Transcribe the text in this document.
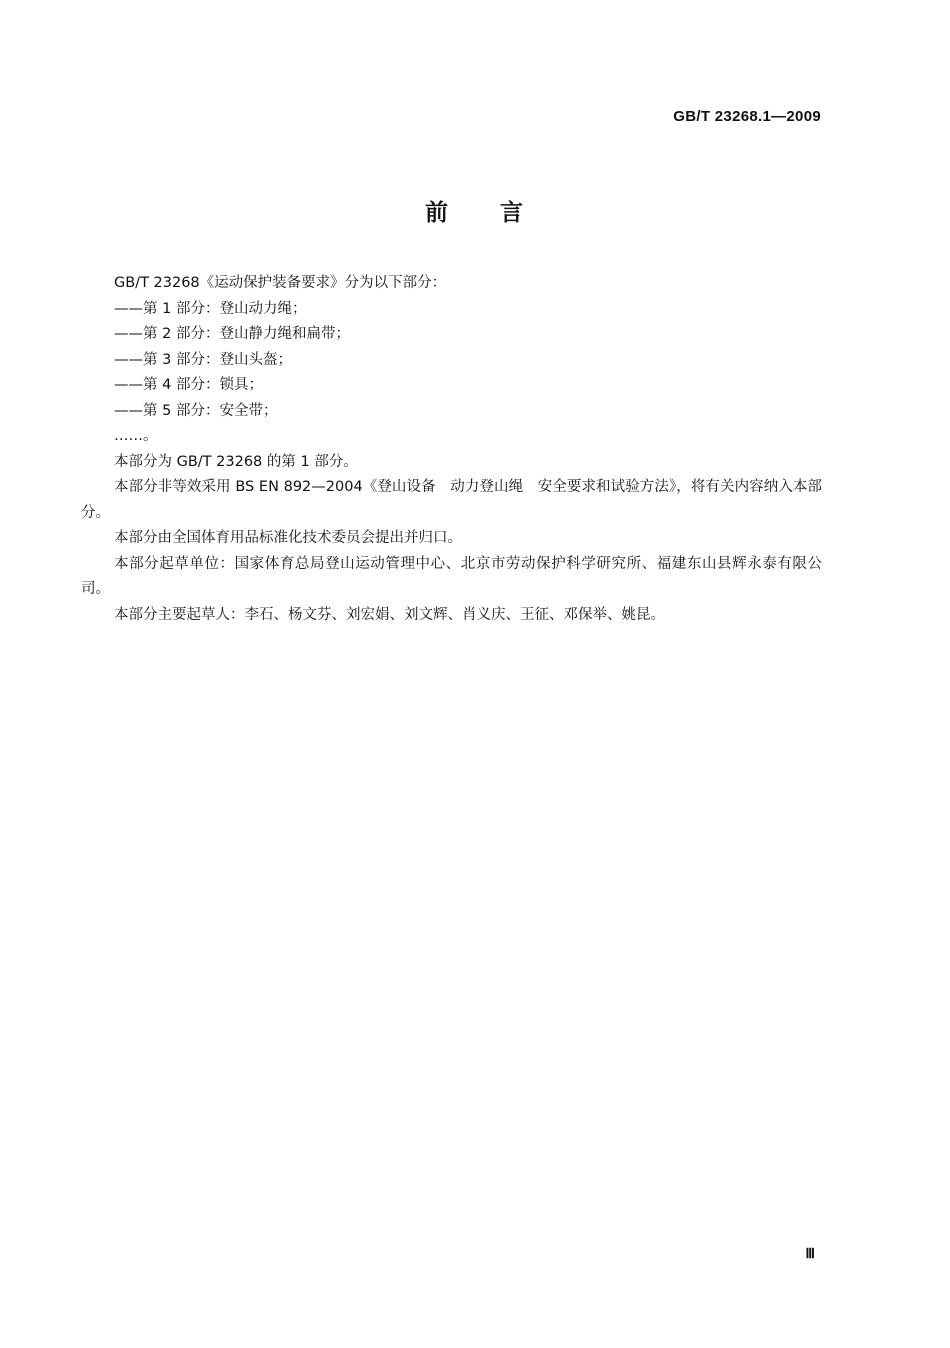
GB/T 23268.1—2009
前 言

GB/T 23268《运动保护装备要求》分为以下部分：

——第 1 部分：登山动力绳；

——第 2 部分：登山静力绳和扁带；

——第 3 部分：登山头盔；

——第 4 部分：锁具；

——第 5 部分：安全带；

……。

本部分为 GB/T 23268 的第 1 部分。

本部分非等效采用 BS EN 892—2004《登山设备　动力登山绳　安全要求和试验方法》，将有关内容纳入本部分。

本部分由全国体育用品标准化技术委员会提出并归口。

本部分起草单位：国家体育总局登山运动管理中心、北京市劳动保护科学研究所、福建东山县辉永泰有限公司。

本部分主要起草人：李石、杨文芬、刘宏娟、刘文辉、肖义庆、王征、邓保举、姚昆。

Ⅲ
